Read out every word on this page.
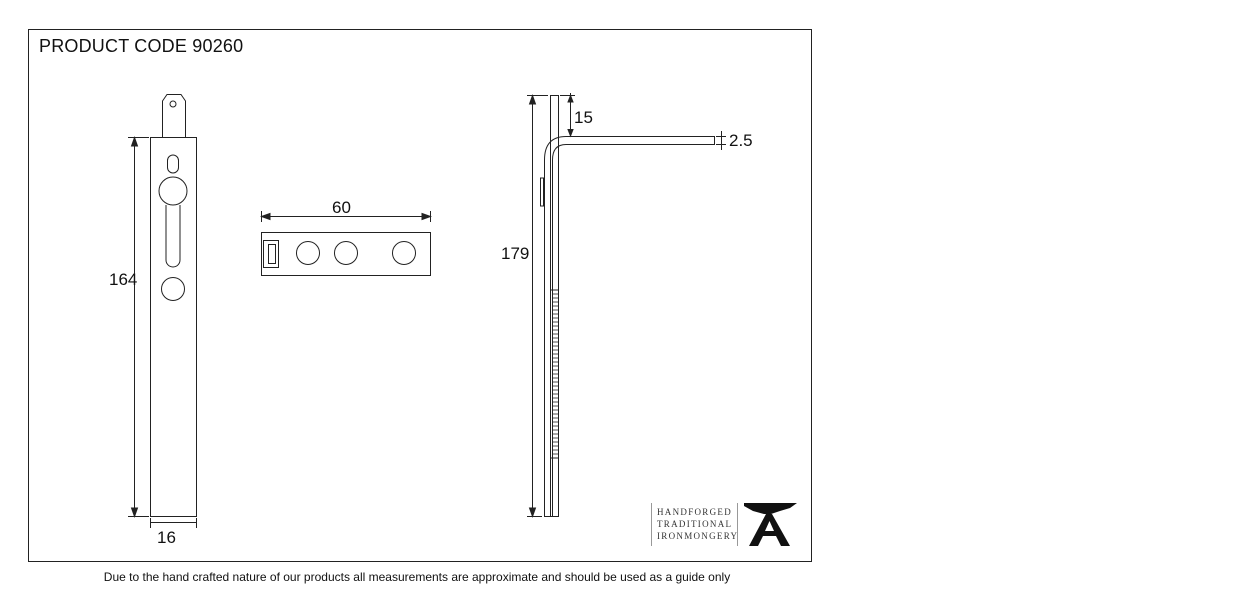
PRODUCT CODE 90260
164
16
60
179
15
2.5
HANDFORGED
TRADITIONAL
IRONMONGERY
Due to the hand crafted nature of our products all measurements are approximate and should be used as a guide only
